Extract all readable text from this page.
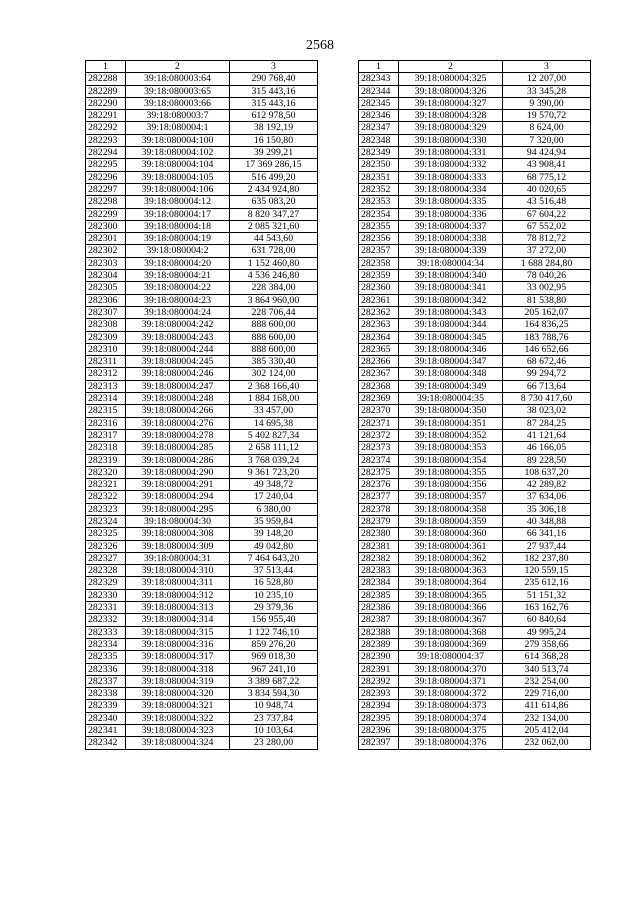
2568
1	2	3
282288	39:18:080003:64	290 768,40
282289	39:18:080003:65	315 443,16
282290	39:18:080003:66	315 443,16
282291	39:18:080003:7	612 978,50
282292	39:18:080004:1	38 192,19
282293	39:18:080004:100	16 150,80
282294	39:18:080004:102	39 299,21
282295	39:18:080004:104	17 369 286,15
282296	39:18:080004:105	516 499,20
282297	39:18:080004:106	2 434 924,80
282298	39:18:080004:12	635 083,20
282299	39:18:080004:17	8 820 347,27
282300	39:18:080004:18	2 085 321,60
282301	39:18:080004:19	44 543,60
282302	39:18:080004:2	631 728,00
282303	39:18:080004:20	1 152 460,80
282304	39:18:080004:21	4 536 246,80
282305	39:18:080004:22	228 384,00
282306	39:18:080004:23	3 864 960,00
282307	39:18:080004:24	228 706,44
282308	39:18:080004:242	888 600,00
282309	39:18:080004:243	888 600,00
282310	39:18:080004:244	888 600,00
282311	39:18:080004:245	385 330,40
282312	39:18:080004:246	302 124,00
282313	39:18:080004:247	2 368 166,40
282314	39:18:080004:248	1 884 168,00
282315	39:18:080004:266	33 457,00
282316	39:18:080004:276	14 695,38
282317	39:18:080004:278	5 402 827,34
282318	39:18:080004:285	2 658 111,12
282319	39:18:080004:286	3 768 039,24
282320	39:18:080004:290	9 361 723,20
282321	39:18:080004:291	49 348,72
282322	39:18:080004:294	17 240,04
282323	39:18:080004:295	6 380,00
282324	39:18:080004:30	35 959,84
282325	39:18:080004:308	39 148,20
282326	39:18:080004:309	49 042,80
282327	39:18:080004:31	7 464 643,20
282328	39:18:080004:310	37 513,44
282329	39:18:080004:311	16 528,80
282330	39:18:080004:312	10 235,10
282331	39:18:080004:313	29 379,36
282332	39:18:080004:314	156 955,40
282333	39:18:080004:315	1 122 746,10
282334	39:18:080004:316	859 276,20
282335	39:18:080004:317	969 018,30
282336	39:18:080004:318	967 241,10
282337	39:18:080004:319	3 389 687,22
282338	39:18:080004:320	3 834 594,30
282339	39:18:080004:321	10 948,74
282340	39:18:080004:322	23 737,84
282341	39:18:080004:323	10 103,64
282342	39:18:080004:324	23 280,00
1	2	3
282343	39:18:080004:325	12 207,00
282344	39:18:080004:326	33 345,28
282345	39:18:080004:327	9 390,00
282346	39:18:080004:328	19 570,72
282347	39:18:080004:329	8 624,00
282348	39:18:080004:330	7 320,00
282349	39:18:080004:331	94 424,94
282350	39:18:080004:332	43 908,41
282351	39:18:080004:333	68 775,12
282352	39:18:080004:334	40 020,65
282353	39:18:080004:335	43 516,48
282354	39:18:080004:336	67 604,22
282355	39:18:080004:337	67 552,02
282356	39:18:080004:338	78 812,72
282357	39:18:080004:339	37 272,00
282358	39:18:080004:34	1 688 284,80
282359	39:18:080004:340	78 040,26
282360	39:18:080004:341	33 002,95
282361	39:18:080004:342	81 538,80
282362	39:18:080004:343	205 162,07
282363	39:18:080004:344	164 836,25
282364	39:18:080004:345	183 788,76
282365	39:18:080004:346	146 652,66
282366	39:18:080004:347	68 672,46
282367	39:18:080004:348	99 294,72
282368	39:18:080004:349	66 713,64
282369	39:18:080004:35	8 730 417,60
282370	39:18:080004:350	38 023,02
282371	39:18:080004:351	87 284,25
282372	39:18:080004:352	41 121,64
282373	39:18:080004:353	46 166,05
282374	39:18:080004:354	89 228,50
282375	39:18:080004:355	108 637,20
282376	39:18:080004:356	42 289,82
282377	39:18:080004:357	37 634,06
282378	39:18:080004:358	35 306,18
282379	39:18:080004:359	40 348,88
282380	39:18:080004:360	66 341,16
282381	39:18:080004:361	27 937,44
282382	39:18:080004:362	182 237,80
282383	39:18:080004:363	120 559,15
282384	39:18:080004:364	235 612,16
282385	39:18:080004:365	51 151,32
282386	39:18:080004:366	163 162,76
282387	39:18:080004:367	60 840,64
282388	39:18:080004:368	49 995,24
282389	39:18:080004:369	279 358,66
282390	39:18:080004:37	614 368,28
282391	39:18:080004:370	340 513,74
282392	39:18:080004:371	232 254,00
282393	39:18:080004:372	229 716,00
282394	39:18:080004:373	411 614,86
282395	39:18:080004:374	232 134,00
282396	39:18:080004:375	205 412,04
282397	39:18:080004:376	232 062,00
